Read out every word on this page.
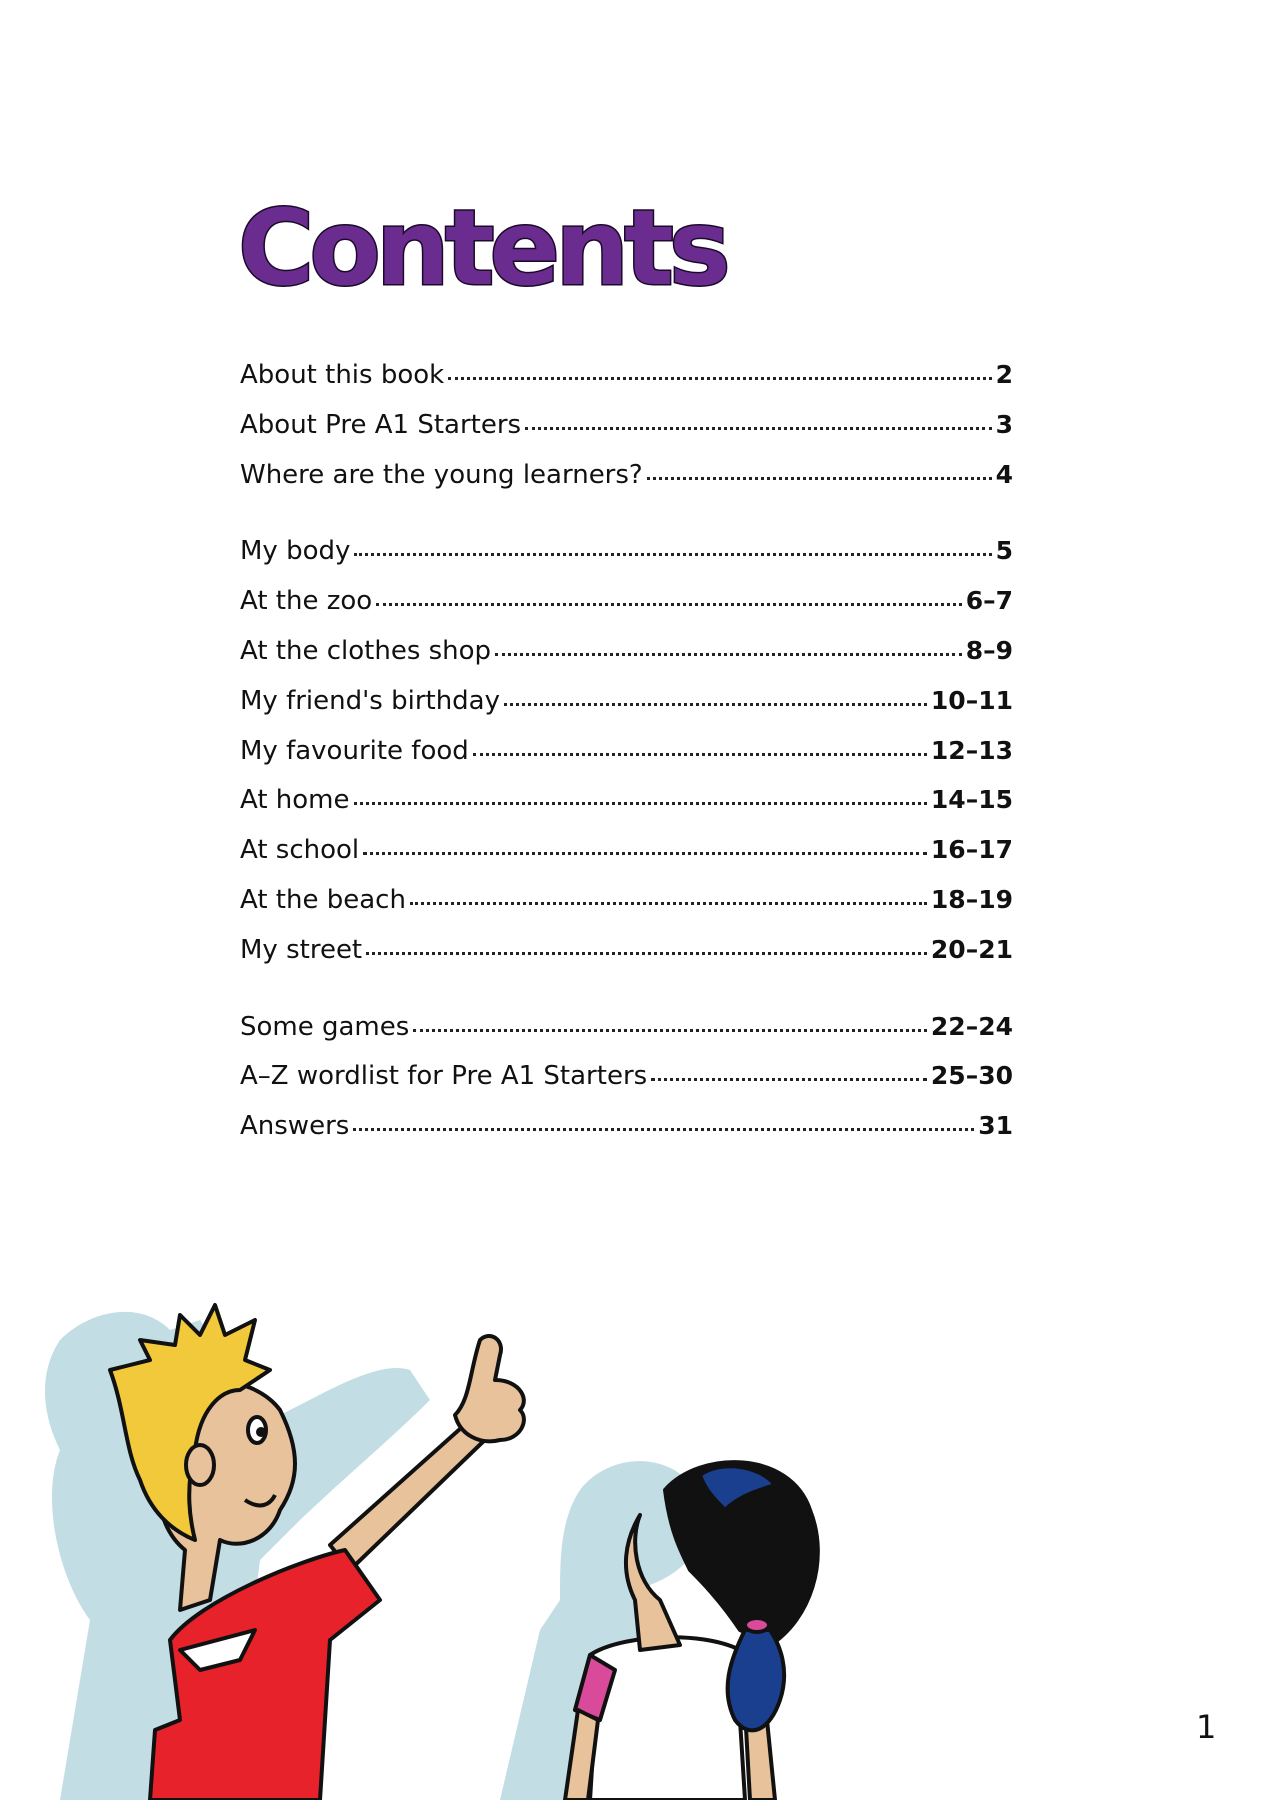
Contents
About this book	2
About Pre A1 Starters	3
Where are the young learners?	4
My body	5
At the zoo	6–7
At the clothes shop	8–9
My friend's birthday	10–11
My favourite food	12–13
At home	14–15
At school	16–17
At the beach	18–19
My street	20–21
Some games	22–24
A–Z wordlist for Pre A1 Starters	25–30
Answers	31
1
